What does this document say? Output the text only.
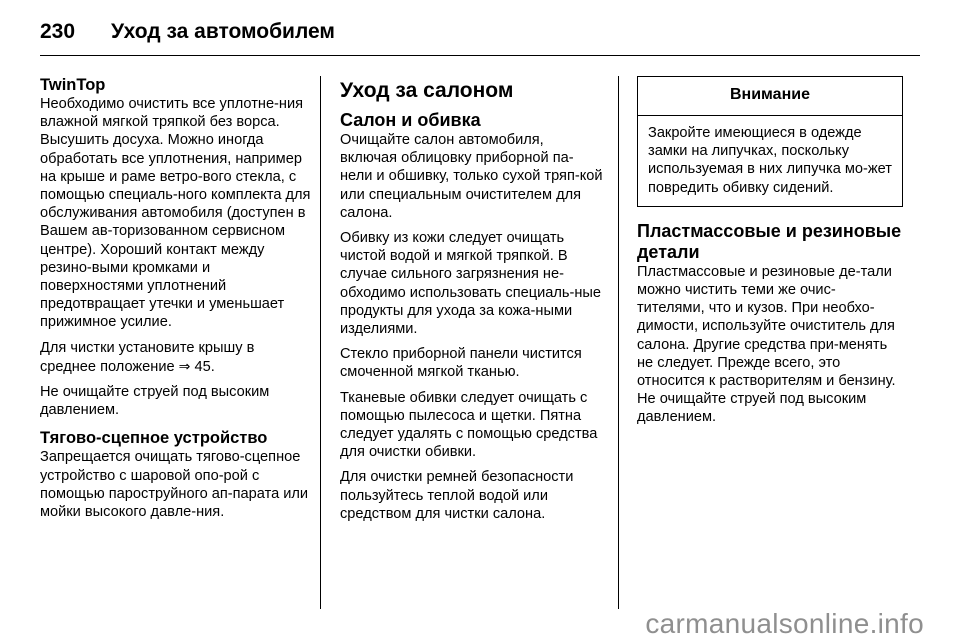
230 Уход за автомобилем
TwinTop

Необходимо очистить все уплотне-ния влажной мягкой тряпкой без ворса. Высушить досуха. Можно иногда обработать все уплотнения, например на крыше и раме ветро-вого стекла, с помощью специаль-ного комплекта для обслуживания автомобиля (доступен в Вашем ав-торизованном сервисном центре). Хороший контакт между резино-выми кромками и поверхностями уплотнений предотвращает утечки и уменьшает прижимное усилие.

Для чистки установите крышу в среднее положение ⇒ 45.

Не очищайте струей под высоким давлением.

Тягово-сцепное устройство

Запрещается очищать тягово-сцепное устройство с шаровой опо-рой с помощью пароструйного ап-парата или мойки высокого давле-ния.

Уход за салоном
Салон и обивка

Очищайте салон автомобиля, включая облицовку приборной па-нели и обшивку, только сухой тряп-кой или специальным очистителем для салона.

Обивку из кожи следует очищать чистой водой и мягкой тряпкой. В случае сильного загрязнения не-обходимо использовать специаль-ные продукты для ухода за кожа-ными изделиями.

Стекло приборной панели чистится смоченной мягкой тканью.

Тканевые обивки следует очищать с помощью пылесоса и щетки. Пятна следует удалять с помощью средства для очистки обивки.

Для очистки ремней безопасности пользуйтесь теплой водой или средством для чистки салона.

Внимание
Закройте имеющиеся в одежде замки на липучках, поскольку используемая в них липучка мо-жет повредить обивку сидений.
Пластмассовые и резиновые детали

Пластмассовые и резиновые де-тали можно чистить теми же очис-тителями, что и кузов. При необхо-димости, используйте очиститель для салона. Другие средства при-менять не следует. Прежде всего, это относится к растворителям и бензину. Не очищайте струей под высоким давлением.

carmanualsonline.info
